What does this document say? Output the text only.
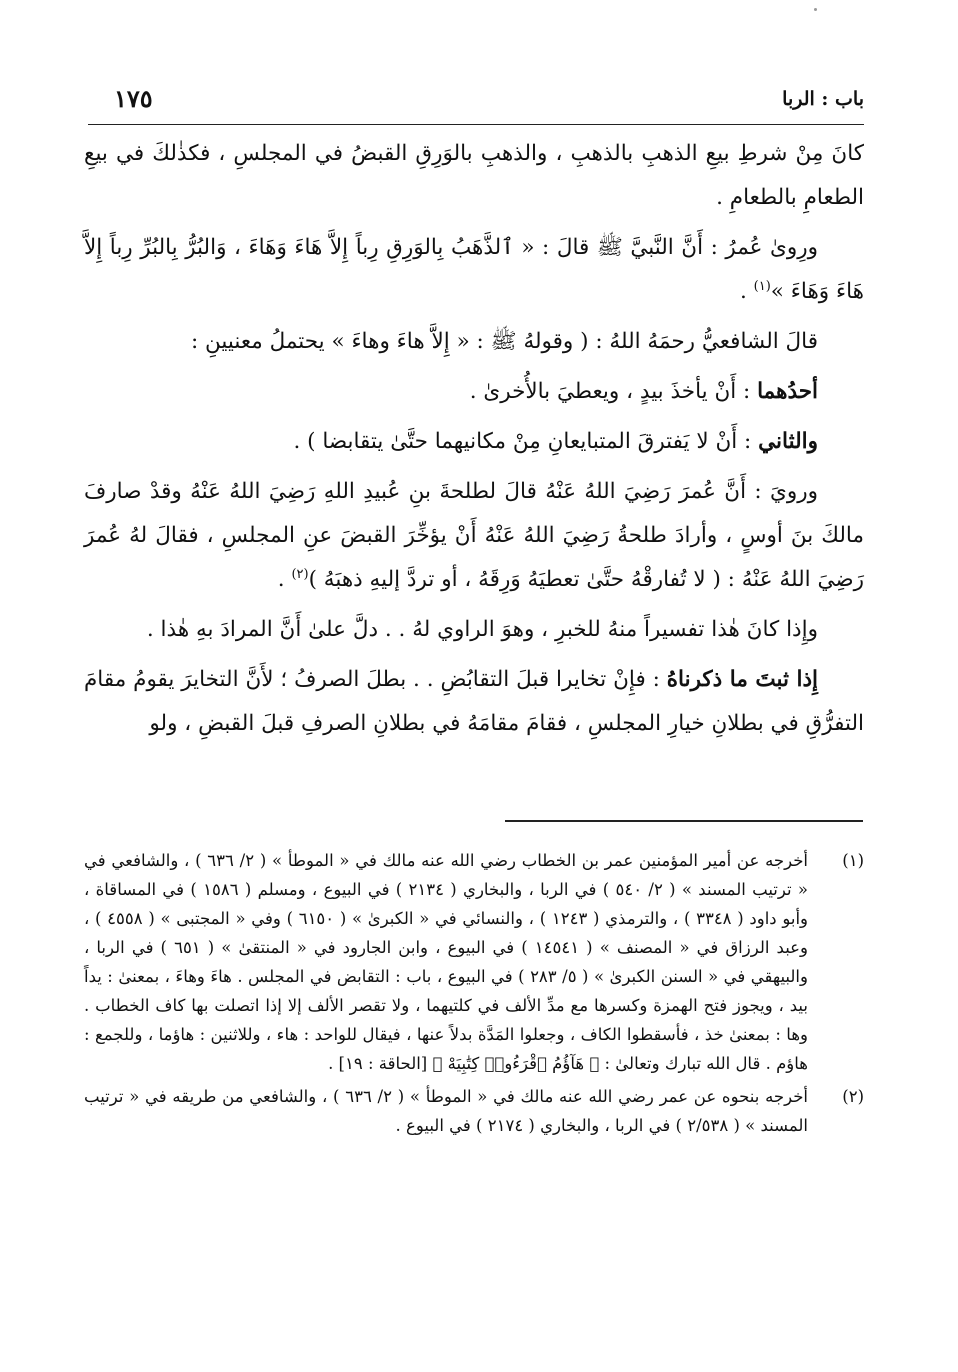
باب : الربا
١٧٥

كانَ مِنْ شرطِ بيعِ الذهبِ بالذهبِ ، والذهبِ بالوَرِقِ القبضُ في المجلسِ ، فكذٰلكَ في بيعِ الطعامِ بالطعامِ .

ورِوىٰ عُمرُ : أَنَّ النَّبيَّ ﷺ قالَ : « ٱلذَّهَبُ بِالوَرِقِ رِباً إِلاَّ هَاءَ وَهَاءَ ، وَالبُرُّ بِالبُرِّ رِباً إِلاَّ هَاءَ وَهَاءَ »$^{(١)}$ .

قالَ الشافعيُّ رحمَهُ اللهُ : ( وقولهُ ﷺ : « إِلاَّ هاءَ وهاءَ » يحتملُ معنيينِ :

أحدُهما : أَنْ يأخذَ بيدٍ ، ويعطيَ بالأُخرىٰ .

والثاني : أَنْ لا يَفترقَ المتبايعانِ مِنْ مكانيهما حتَّىٰ يتقابضا ) .

ورويَ : أَنَّ عُمرَ رَضِيَ اللهُ عَنْهُ قالَ لطلحةَ بنِ عُبيدِ اللهِ رَضِيَ اللهُ عَنْهُ وقدْ صارفَ مالكَ بنَ أوسٍ ، وأرادَ طلحةُ رَضِيَ اللهُ عَنْهُ أَنْ يؤخِّرَ القبضَ عنِ المجلسِ ، فقالَ لهُ عُمرَ رَضِيَ اللهُ عَنْهُ : ( لا تُفارقْهُ حتَّىٰ تعطيَهُ وَرِقَهُ ، أو تردَّ إليهِ ذهبَهُ )$^{(٢)}$ .

وإِذا كانَ هٰذا تفسيراً منهُ للخبرِ ، وهوَ الراوي لهُ . . دلَّ علىٰ أَنَّ المرادَ بهِ هٰذا .

إِذا ثبتَ ما ذكرناهُ : فإِنْ تخايرا قبلَ التقابُضِ . . بطلَ الصرفُ ؛ لأَنَّ التخايرَ يقومُ مقامَ التفرُّقِ في بطلانِ خيارِ المجلسِ ، فقامَ مقامَهُ في بطلانِ الصرفِ قبلَ القبضِ ، ولو

(١)
أخرجه عن أمير المؤمنين عمر بن الخطاب رضي الله عنه مالك في « الموطأ » ( ٢/ ٦٣٦ ) ، والشافعي في « ترتيب المسند » ( ٢/ ٥٤٠ ) في الربا ، والبخاري ( ٢١٣٤ ) في البيوع ، ومسلم ( ١٥٨٦ ) في المساقاة ، وأبو داود ( ٣٣٤٨ ) ، والترمذي ( ١٢٤٣ ) ، والنسائي في « الكبرىٰ » ( ٦١٥٠ ) وفي « المجتبى » ( ٤٥٥٨ ) ، وعبد الرزاق في « المصنف » ( ١٤٥٤١ ) في البيوع ، وابن الجارود في « المنتقىٰ » ( ٦٥١ ) في الربا ، والبيهقي في « السنن الكبرىٰ » ( ٥/ ٢٨٣ ) في البيوع ، باب : التقابض في المجلس . هاءَ وهاءَ ، بمعنىٰ : يداً بيد ، ويجوز فتح الهمزة وكسرها مع مدِّ الألف في كلتيهما ، ولا تقصر الألف إلا إذا اتصلت بها كاف الخطاب . وها : بمعنىٰ خذ ، فأسقطوا الكاف ، وجعلوا المَدَّة بدلاً عنها ، فيقال للواحد : هاء ، وللاثنين : هاؤما ، وللجمع : هاؤم . قال الله تبارك وتعالىٰ : ﴿ هَآؤُمُ ٱقْرَءُوا۟ كِتَٰبِيَهْ ﴾ [الحاقة : ١٩] .
(٢)
أخرجه بنحوه عن عمر رضي الله عنه مالك في « الموطأ » ( ٢/ ٦٣٦ ) ، والشافعي من طريقه في « ترتيب المسند » ( ٢/٥٣٨ ) في الربا ، والبخاري ( ٢١٧٤ ) في البيوع .
